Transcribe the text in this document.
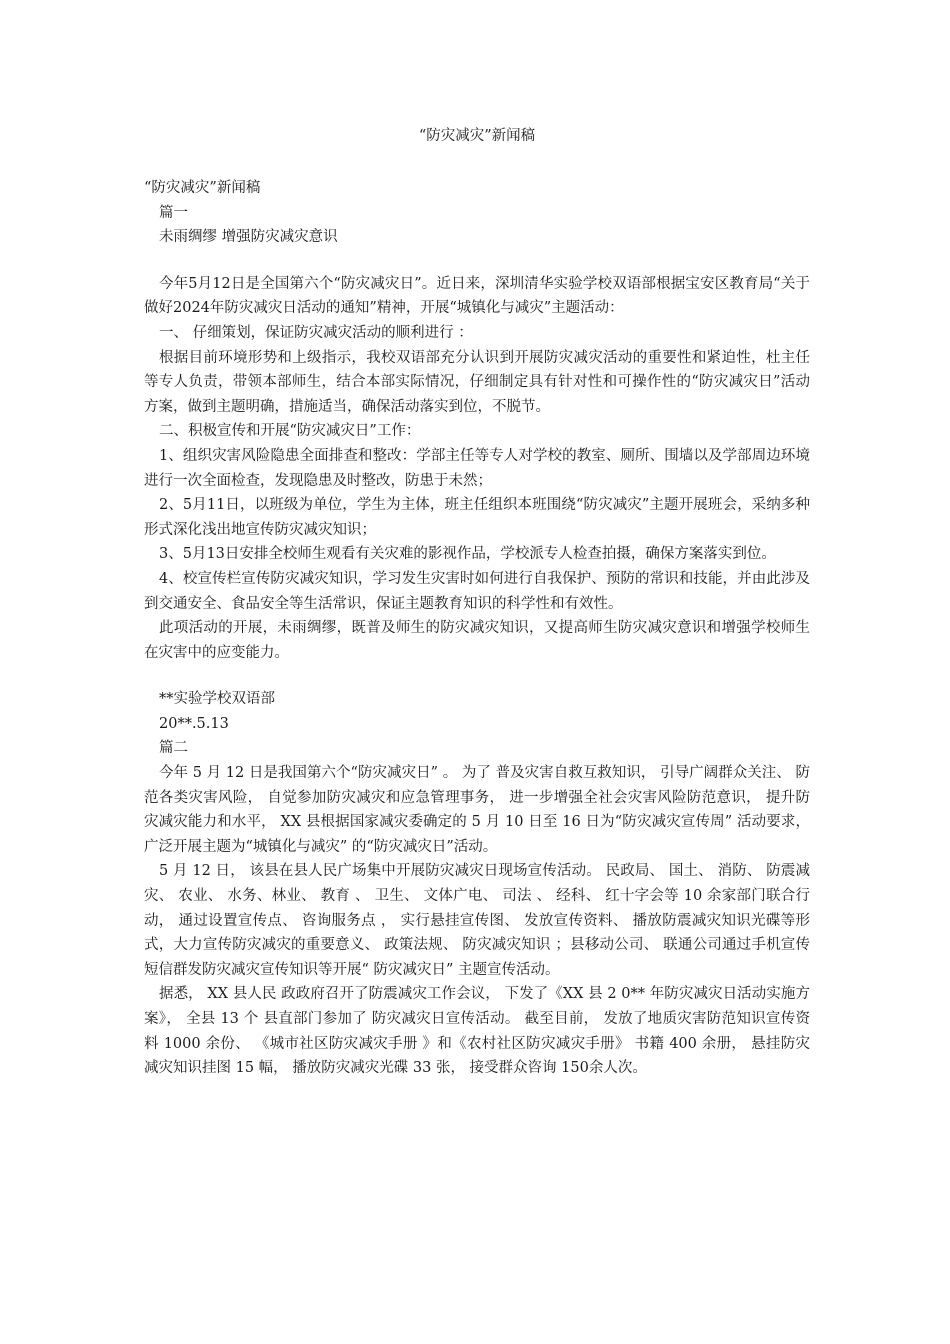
“防灾减灾”新闻稿

“防灾减灾”新闻稿

篇一

未雨绸缪 增强防灾减灾意识

今年5月12日是全国第六个“防灾减灾日”。近日来，深圳清华实验学校双语部根据宝安区教育局“关于做好2024年防灾减灾日活动的通知”精神，开展“城镇化与减灾”主题活动：

一、 仔细策划，保证防灾减灾活动的顺利进行 ：

根据目前环境形势和上级指示，我校双语部充分认识到开展防灾减灾活动的重要性和紧迫性，杜主任等专人负责，带领本部师生，结合本部实际情况，仔细制定具有针对性和可操作性的“防灾减灾日”活动方案，做到主题明确，措施适当，确保活动落实到位，不脱节。

二、积极宣传和开展“防灾减灾日”工作：

1、组织灾害风险隐患全面排查和整改：学部主任等专人对学校的教室、厕所、围墙以及学部周边环境进行一次全面检查，发现隐患及时整改，防患于未然；

2、5月11日，以班级为单位，学生为主体，班主任组织本班围绕“防灾减灾”主题开展班会，采纳多种形式深化浅出地宣传防灾减灾知识；

3、5月13日安排全校师生观看有关灾难的影视作品，学校派专人检查拍摄，确保方案落实到位。

4、校宣传栏宣传防灾减灾知识，学习发生灾害时如何进行自我保护、预防的常识和技能，并由此涉及到交通安全、食品安全等生活常识，保证主题教育知识的科学性和有效性。

此项活动的开展，未雨绸缪，既普及师生的防灾减灾知识，又提高师生防灾减灾意识和增强学校师生在灾害中的应变能力。

**实验学校双语部

20**.5.13

篇二

今年 5 月 12 日是我国第六个“防灾减灾日” 。 为了 普及灾害自救互救知识， 引导广阔群众关注、 防范各类灾害风险， 自觉参加防灾减灾和应急管理事务， 进一步增强全社会灾害风险防范意识， 提升防灾减灾能力和水平， XX 县根据国家减灾委确定的 5 月 10 日至 16 日为“防灾减灾宣传周” 活动要求， 广泛开展主题为“城镇化与减灾” 的“防灾减灾日”活动。

5 月 12 日， 该县在县人民广场集中开展防灾减灾日现场宣传活动。 民政局、 国土、 消防、 防震减灾、 农业、 水务、林业、 教育 、 卫生、 文体广电、 司法 、 经科、 红十字会等 10 余家部门联合行动， 通过设置宣传点、 咨询服务点 ， 实行悬挂宣传图、 发放宣传资料、 播放防震减灾知识光碟等形式，大力宣传防灾减灾的重要意义、 政策法规、 防灾减灾知识 ；县移动公司、 联通公司通过手机宣传短信群发防灾减灾宣传知识等开展“ 防灾减灾日” 主题宣传活动。

据悉， XX 县人民 政政府召开了防震减灾工作会议， 下发了《XX 县 2 0** 年防灾减灾日活动实施方案》， 全县 13 个 县直部门参加了 防灾减灾日宣传活动。 截至目前， 发放了地质灾害防范知识宣传资料 1000 余份、 《城市社区防灾减灾手册 》和《农村社区防灾减灾手册》 书籍 400 余册， 悬挂防灾减灾知识挂图 15 幅， 播放防灾减灾光碟 33 张， 接受群众咨询 150余人次。
